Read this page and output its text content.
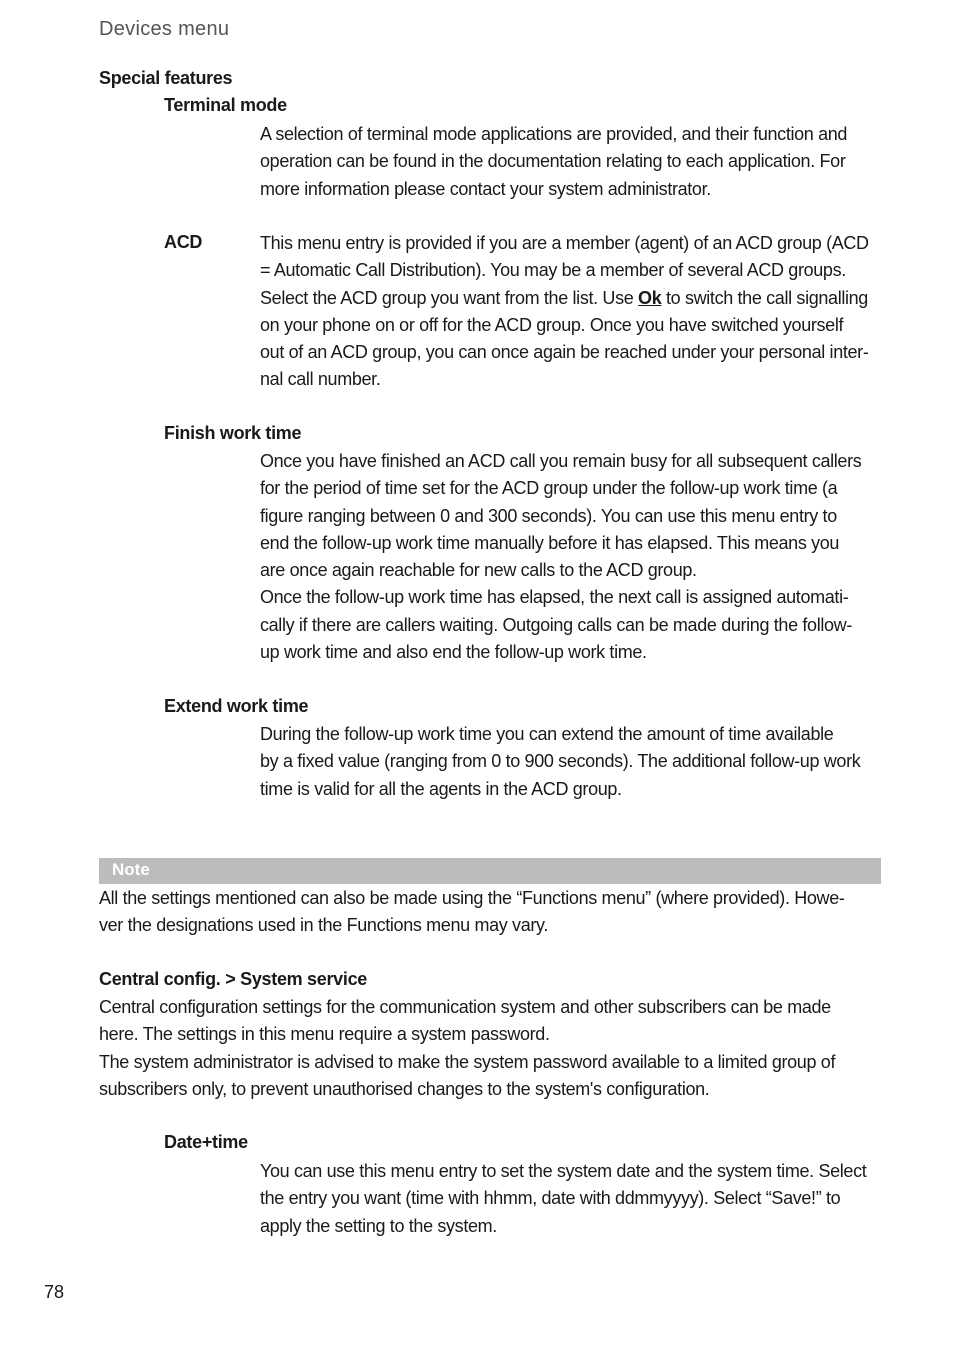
Devices menu
Special features
Terminal mode
A selection of terminal mode applications are provided, and their function and
operation can be found in the documentation relating to each application. For
more information please contact your system administrator.
ACD	This menu entry is provided if you are a member (agent) of an ACD group (ACD
= Automatic Call Distribution). You may be a member of several ACD groups.
Select the ACD group you want from the list. Use Ok to switch the call signalling
on your phone on or off for the ACD group. Once you have switched yourself
out of an ACD group, you can once again be reached under your personal inter-
nal call number.
Finish work time
Once you have finished an ACD call you remain busy for all subsequent callers
for the period of time set for the ACD group under the follow-up work time (a
figure ranging between 0 and 300 seconds). You can use this menu entry to
end the follow-up work time manually before it has elapsed. This means you
are once again reachable for new calls to the ACD group.
Once the follow-up work time has elapsed, the next call is assigned automati-
cally if there are callers waiting. Outgoing calls can be made during the follow-
up work time and also end the follow-up work time.
Extend work time
During the follow-up work time you can extend the amount of time available
by a fixed value (ranging from 0 to 900 seconds). The additional follow-up work
time is valid for all the agents in the ACD group.
Note
All the settings mentioned can also be made using the “Functions menu” (where provided). Howe-
ver the designations used in the Functions menu may vary.
Central config. > System service
Central configuration settings for the communication system and other subscribers can be made
here. The settings in this menu require a system password.
The system administrator is advised to make the system password available to a limited group of
subscribers only, to prevent unauthorised changes to the system's configuration.
Date+time
You can use this menu entry to set the system date and the system time. Select
the entry you want (time with hhmm, date with ddmmyyyy). Select “Save!” to
apply the setting to the system.
78
